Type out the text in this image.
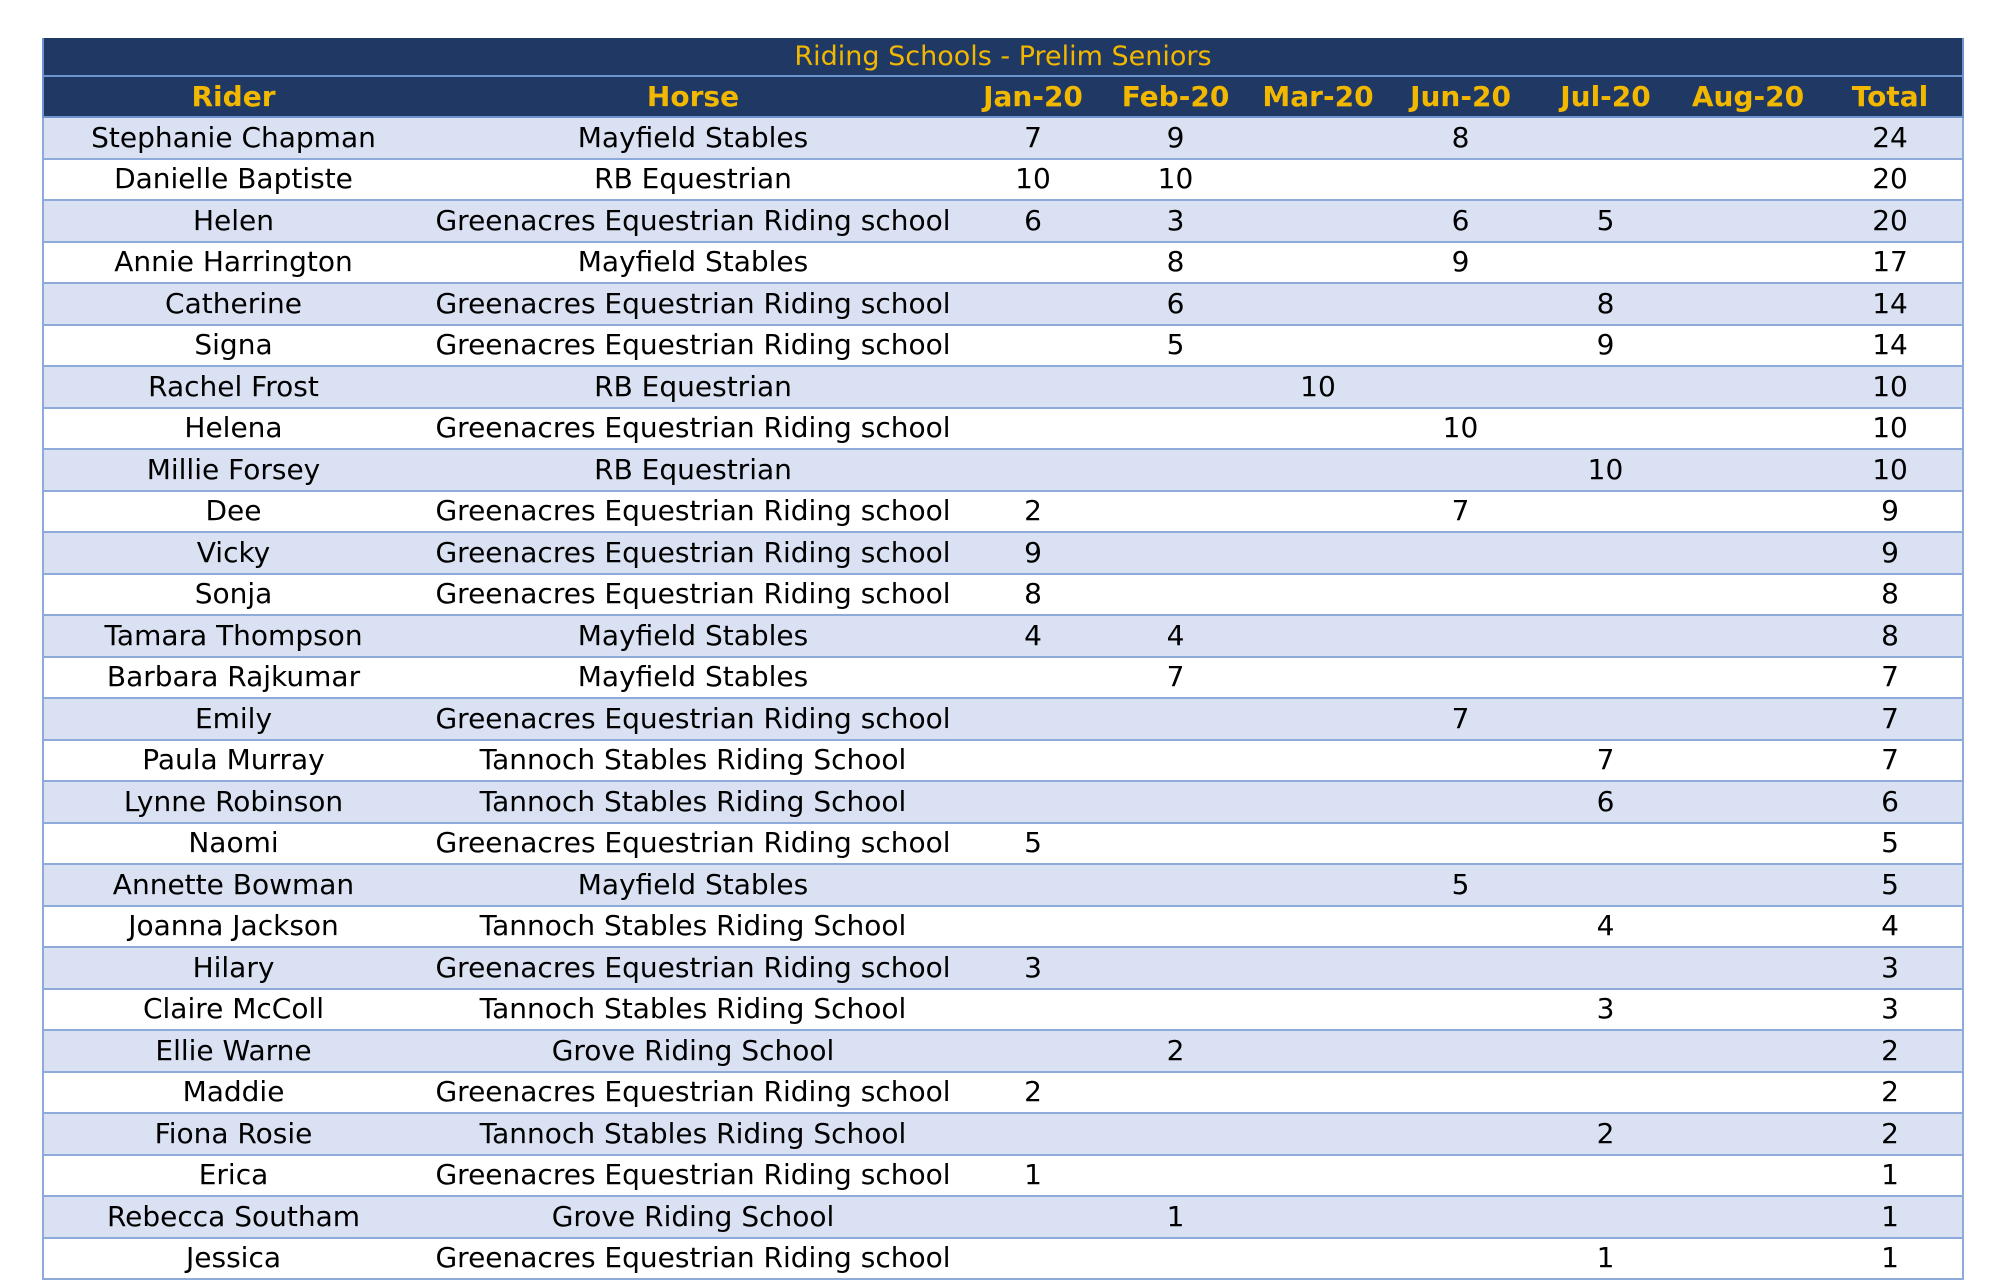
Riding Schools - Prelim Seniors								
Rider	Horse	Jan-20	Feb-20	Mar-20	Jun-20	Jul-20	Aug-20	Total
Stephanie Chapman	Mayfield Stables	7	9		8			24
Danielle Baptiste	RB Equestrian	10	10					20
Helen	Greenacres Equestrian Riding school	6	3		6	5		20
Annie Harrington	Mayfield Stables		8		9			17
Catherine	Greenacres Equestrian Riding school		6			8		14
Signa	Greenacres Equestrian Riding school		5			9		14
Rachel Frost	RB Equestrian			10				10
Helena	Greenacres Equestrian Riding school				10			10
Millie Forsey	RB Equestrian					10		10
Dee	Greenacres Equestrian Riding school	2			7			9
Vicky	Greenacres Equestrian Riding school	9						9
Sonja	Greenacres Equestrian Riding school	8						8
Tamara Thompson	Mayfield Stables	4	4					8
Barbara Rajkumar	Mayfield Stables		7					7
Emily	Greenacres Equestrian Riding school				7			7
Paula Murray	Tannoch Stables Riding School					7		7
Lynne Robinson	Tannoch Stables Riding School					6		6
Naomi	Greenacres Equestrian Riding school	5						5
Annette Bowman	Mayfield Stables				5			5
Joanna Jackson	Tannoch Stables Riding School					4		4
Hilary	Greenacres Equestrian Riding school	3						3
Claire McColl	Tannoch Stables Riding School					3		3
Ellie Warne	Grove Riding School		2					2
Maddie	Greenacres Equestrian Riding school	2						2
Fiona Rosie	Tannoch Stables Riding School					2		2
Erica	Greenacres Equestrian Riding school	1						1
Rebecca Southam	Grove Riding School		1					1
Jessica	Greenacres Equestrian Riding school					1		1
